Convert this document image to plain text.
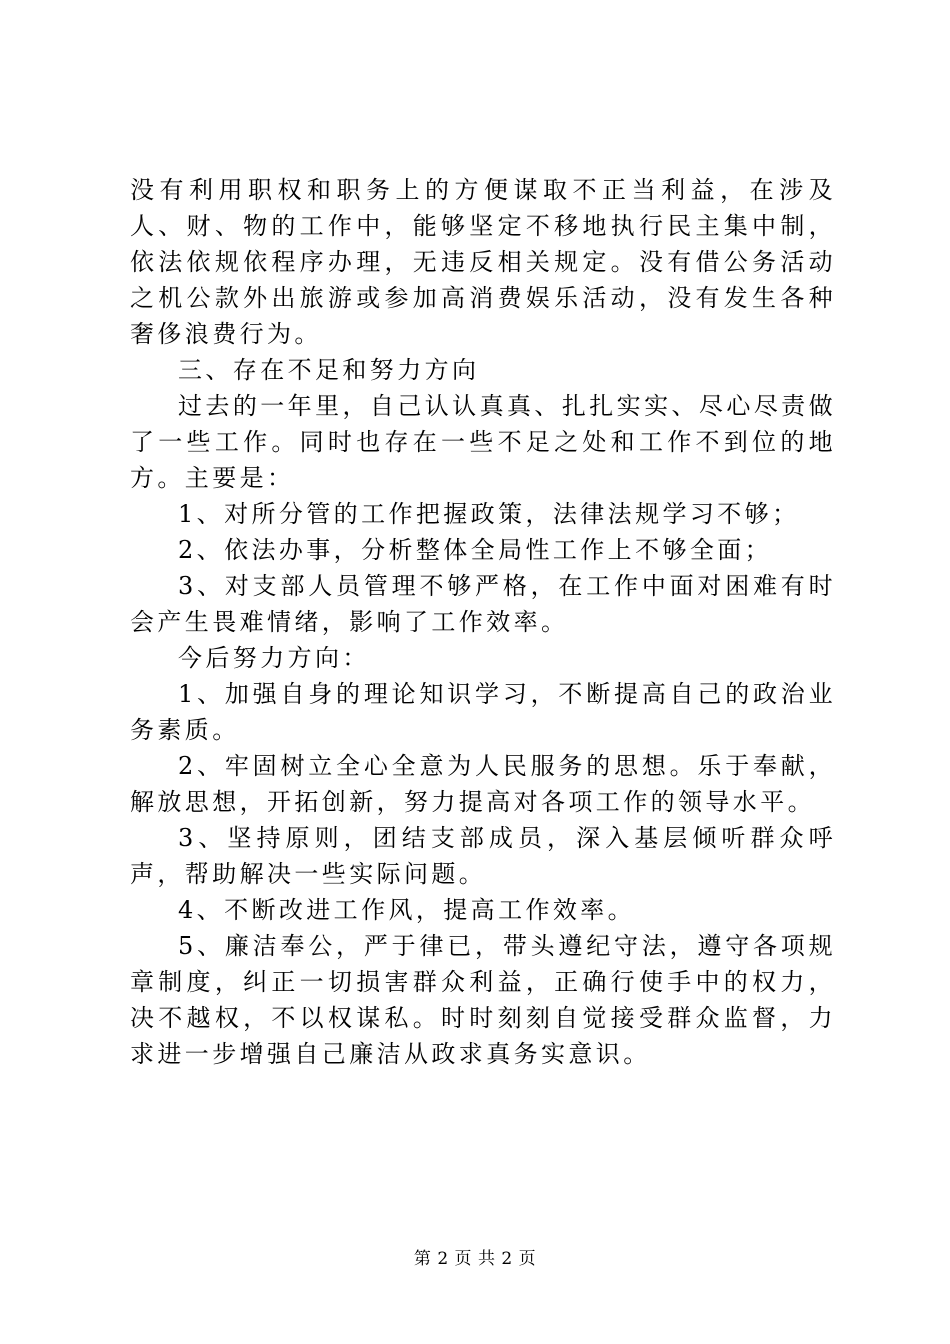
没有利用职权和职务上的方便谋取不正当利益，在涉及人、财、物的工作中，能够坚定不移地执行民主集中制，依法依规依程序办理，无违反相关规定。没有借公务活动之机公款外出旅游或参加高消费娱乐活动，没有发生各种奢侈浪费行为。

三、存在不足和努力方向

过去的一年里，自己认认真真、扎扎实实、尽心尽责做了一些工作。同时也存在一些不足之处和工作不到位的地方。主要是：

1、对所分管的工作把握政策，法律法规学习不够；

2、依法办事，分析整体全局性工作上不够全面；

3、对支部人员管理不够严格，在工作中面对困难有时会产生畏难情绪，影响了工作效率。

今后努力方向：

1、加强自身的理论知识学习，不断提高自己的政治业务素质。

2、牢固树立全心全意为人民服务的思想。乐于奉献，解放思想，开拓创新，努力提高对各项工作的领导水平。

3、坚持原则，团结支部成员，深入基层倾听群众呼声，帮助解决一些实际问题。

4、不断改进工作风，提高工作效率。

5、廉洁奉公，严于律已，带头遵纪守法，遵守各项规章制度，纠正一切损害群众利益，正确行使手中的权力，决不越权，不以权谋私。时时刻刻自觉接受群众监督，力求进一步增强自己廉洁从政求真务实意识。

第 2 页 共 2 页
